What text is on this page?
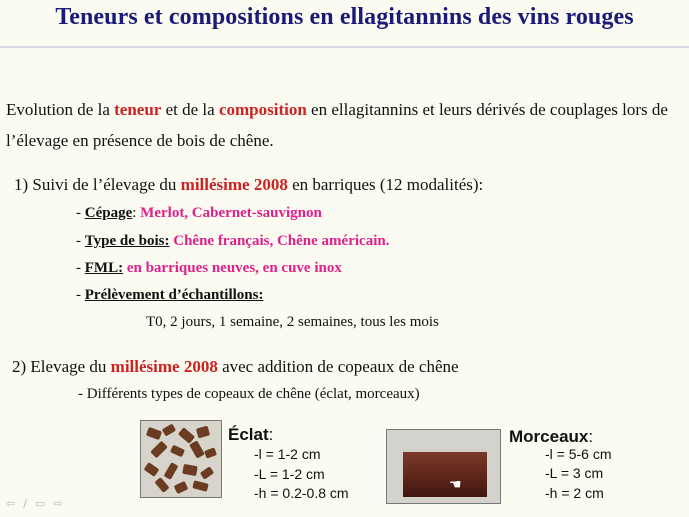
Teneurs et compositions en ellagitannins des vins rouges
Evolution de la teneur et de la composition en ellagitannins et leurs dérivés de couplages lors de l’élevage en présence de bois de chêne.
1) Suivi de l’élevage du millésime 2008 en barriques (12 modalités):
- Cépage: Merlot, Cabernet-sauvignon
- Type de bois: Chêne français, Chêne américain.
- FML: en barriques neuves, en cuve inox
- Prélèvement d’échantillons:
T0, 2 jours, 1 semaine, 2 semaines, tous les mois
2) Elevage du millésime 2008 avec addition de copeaux de chêne
- Différents types de copeaux de chêne (éclat, morceaux)
Éclat:
-l = 1-2 cm
-L = 1-2 cm
-h = 0.2-0.8 cm	☚
Morceaux:
-l = 5-6 cm
-L = 3 cm
-h = 2 cm
⇦ ∕ ▭ ⇨
